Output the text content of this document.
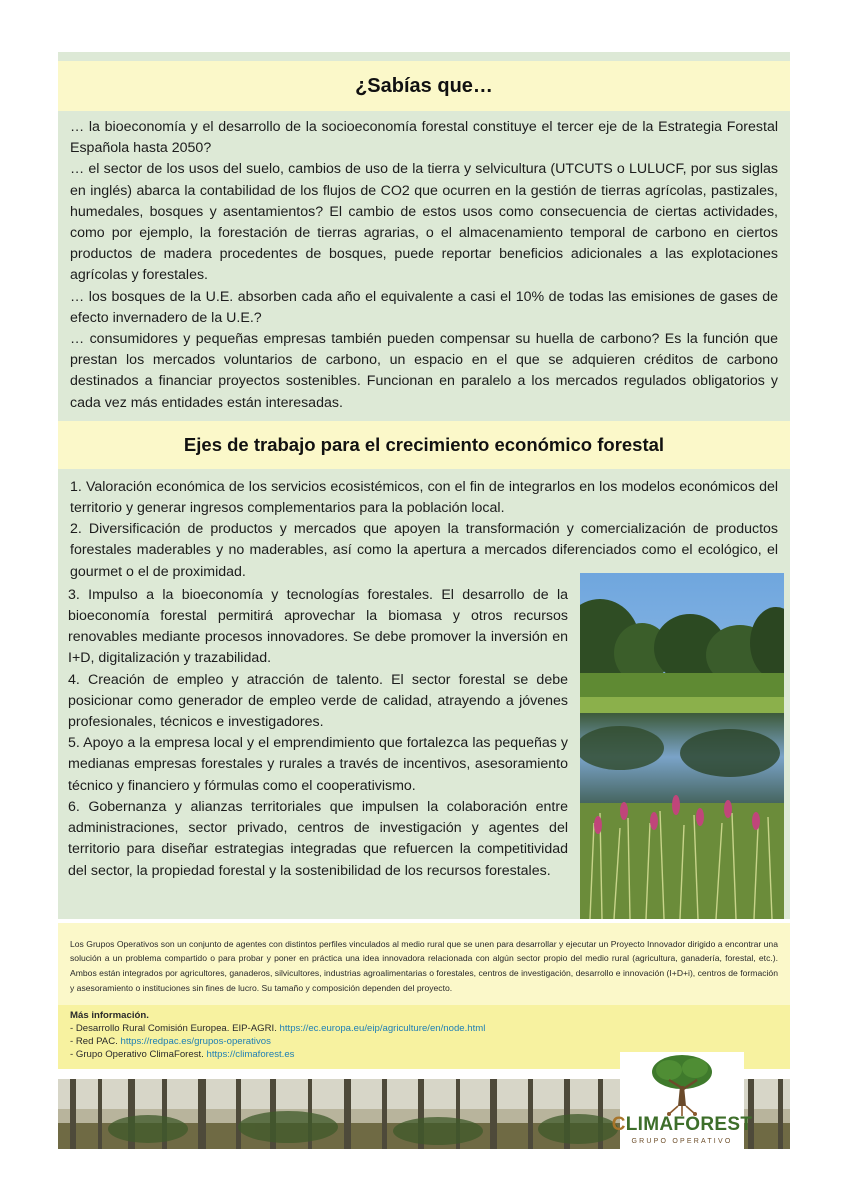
¿Sabías que…

… la bioeconomía y el desarrollo de la socioeconomía forestal constituye el tercer eje de la Estrategia Forestal Española hasta 2050?

… el sector de los usos del suelo, cambios de uso de la tierra y selvicultura (UTCUTS o LULUCF, por sus siglas en inglés) abarca la contabilidad de los flujos de CO2 que ocurren en la gestión de tierras agrícolas, pastizales, humedales, bosques y asentamientos? El cambio de estos usos como consecuencia de ciertas actividades, como por ejemplo, la forestación de tierras agrarias, o el almacenamiento temporal de carbono en ciertos productos de madera procedentes de bosques, puede reportar beneficios adicionales a las explotaciones agrícolas y forestales.

… los bosques de la U.E. absorben cada año el equivalente a casi el 10% de todas las emisiones de gases de efecto invernadero de la U.E.?

… consumidores y pequeñas empresas también pueden compensar su huella de carbono? Es la función que prestan los mercados voluntarios de carbono, un espacio en el que se adquieren créditos de carbono destinados a financiar proyectos sostenibles. Funcionan en paralelo a los mercados regulados obligatorios y cada vez más entidades están interesadas.

Ejes de trabajo para el crecimiento económico forestal

1. Valoración económica de los servicios ecosistémicos, con el fin de integrarlos en los modelos económicos del territorio y generar ingresos complementarios para la población local.

2. Diversificación de productos y mercados que apoyen la transformación y comercialización de productos forestales maderables y no maderables, así como la apertura a mercados diferenciados como el ecológico, el gourmet o el de proximidad.

3. Impulso a la bioeconomía y tecnologías forestales. El desarrollo de la bioeconomía forestal permitirá aprovechar la biomasa y otros recursos renovables mediante procesos innovadores. Se debe promover la inversión en I+D, digitalización y trazabilidad.

4. Creación de empleo y atracción de talento. El sector forestal se debe posicionar como generador de empleo verde de calidad, atrayendo a jóvenes profesionales, técnicos e investigadores.

5. Apoyo a la empresa local y el emprendimiento que fortalezca las pequeñas y medianas empresas forestales y rurales a través de incentivos, asesoramiento técnico y financiero y fórmulas como el cooperativismo.

6. Gobernanza y alianzas territoriales que impulsen la colaboración entre administraciones, sector privado, centros de investigación y agentes del territorio para diseñar estrategias integradas que refuercen la competitividad del sector, la propiedad forestal y la sostenibilidad de los recursos forestales.

Los Grupos Operativos son un conjunto de agentes con distintos perfiles vinculados al medio rural que se unen para desarrollar y ejecutar un Proyecto Innovador dirigido a encontrar una solución a un problema compartido o para probar y poner en práctica una idea innovadora relacionada con algún sector propio del medio rural (agricultura, ganadería, forestal, etc.). Ambos están integrados por agricultores, ganaderos, silvicultores, industrias agroalimentarias o forestales, centros de investigación, desarrollo e innovación (I+D+i), centros de formación y asesoramiento o instituciones sin fines de lucro. Su tamaño y composición dependen del proyecto.
Más información.
- Desarrollo Rural Comisión Europea. EIP-AGRI. https://ec.europa.eu/eip/agriculture/en/node.html
- Red PAC. https://redpac.es/grupos-operativos
- Grupo Operativo ClimaForest. https://climaforest.es
CLIMAFOREST
GRUPO OPERATIVO
